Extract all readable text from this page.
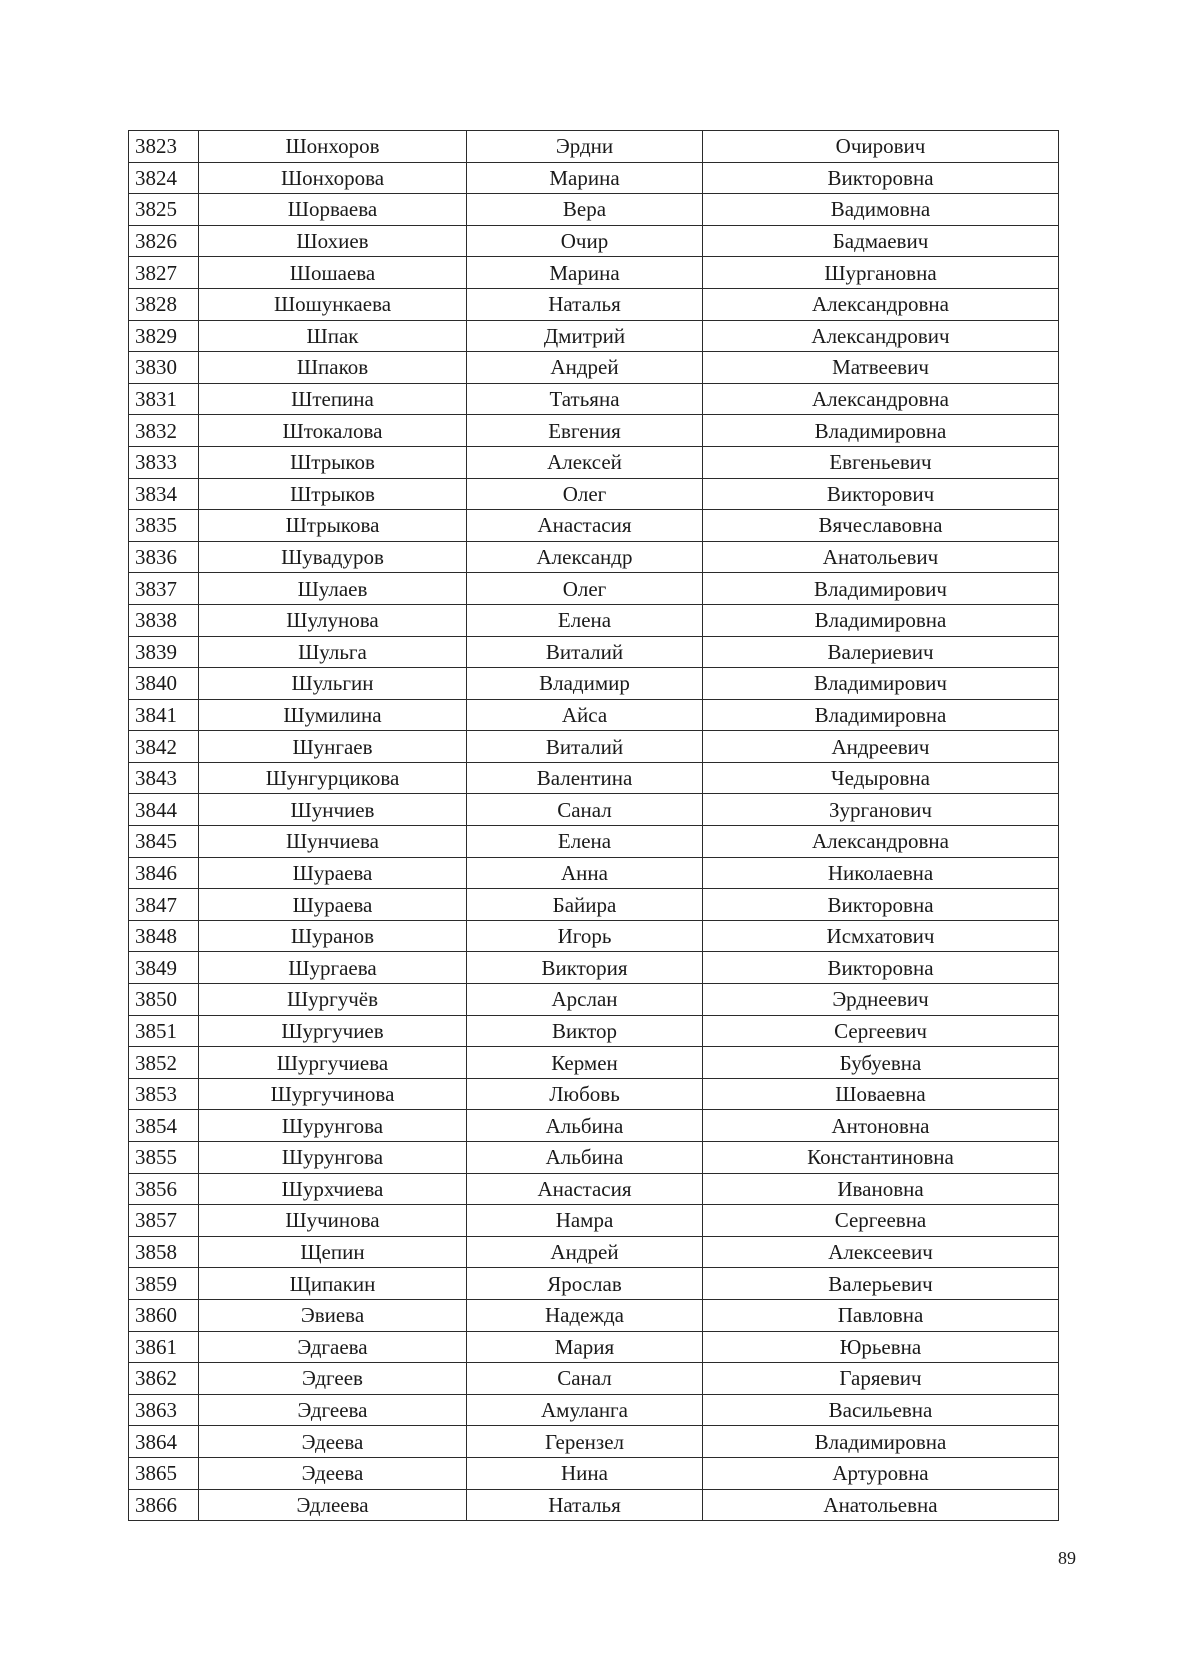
3823	Шонхоров	Эрдни	Очирович
3824	Шонхорова	Марина	Викторовна
3825	Шорваева	Вера	Вадимовна
3826	Шохиев	Очир	Бадмаевич
3827	Шошаева	Марина	Шургановна
3828	Шошункаева	Наталья	Александровна
3829	Шпак	Дмитрий	Александрович
3830	Шпаков	Андрей	Матвеевич
3831	Штепина	Татьяна	Александровна
3832	Штокалова	Евгения	Владимировна
3833	Штрыков	Алексей	Евгеньевич
3834	Штрыков	Олег	Викторович
3835	Штрыкова	Анастасия	Вячеславовна
3836	Шувадуров	Александр	Анатольевич
3837	Шулаев	Олег	Владимирович
3838	Шулунова	Елена	Владимировна
3839	Шульга	Виталий	Валериевич
3840	Шульгин	Владимир	Владимирович
3841	Шумилина	Айса	Владимировна
3842	Шунгаев	Виталий	Андреевич
3843	Шунгурцикова	Валентина	Чедыровна
3844	Шунчиев	Санал	Зурганович
3845	Шунчиева	Елена	Александровна
3846	Шураева	Анна	Николаевна
3847	Шураева	Байира	Викторовна
3848	Шуранов	Игорь	Исмхатович
3849	Шургаева	Виктория	Викторовна
3850	Шургучёв	Арслан	Эрднеевич
3851	Шургучиев	Виктор	Сергеевич
3852	Шургучиева	Кермен	Бубуевна
3853	Шургучинова	Любовь	Шоваевна
3854	Шурунгова	Альбина	Антоновна
3855	Шурунгова	Альбина	Константиновна
3856	Шурхчиева	Анастасия	Ивановна
3857	Шучинова	Намра	Сергеевна
3858	Щепин	Андрей	Алексеевич
3859	Щипакин	Ярослав	Валерьевич
3860	Эвиева	Надежда	Павловна
3861	Эдгаева	Мария	Юрьевна
3862	Эдгеев	Санал	Гаряевич
3863	Эдгеева	Амуланга	Васильевна
3864	Эдеева	Герензел	Владимировна
3865	Эдеева	Нина	Артуровна
3866	Эдлеева	Наталья	Анатольевна
89
